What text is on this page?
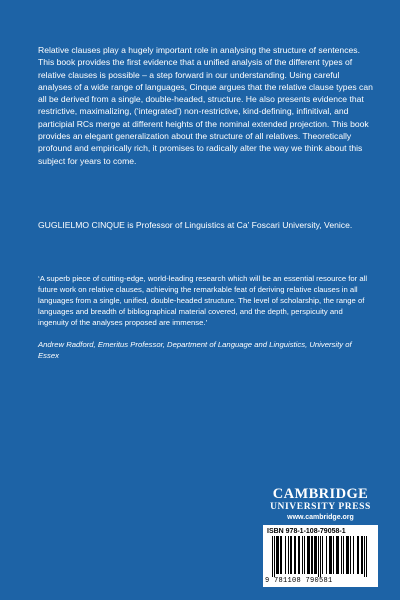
Relative clauses play a hugely important role in analysing the structure of sentences. This book provides the first evidence that a unified analysis of the different types of relative clauses is possible – a step forward in our understanding. Using careful analyses of a wide range of languages, Cinque argues that the relative clause types can all be derived from a single, double-headed, structure. He also presents evidence that restrictive, maximalizing, (‘integrated’) non-restrictive, kind-defining, infinitival, and participial RCs merge at different heights of the nominal extended projection. This book provides an elegant generalization about the structure of all relatives. Theoretically profound and empirically rich, it promises to radically alter the way we think about this subject for years to come.

GUGLIELMO CINQUE is Professor of Linguistics at Ca’ Foscari University, Venice.

‘A superb piece of cutting-edge, world-leading research which will be an essential resource for all future work on relative clauses, achieving the remarkable feat of deriving relative clauses in all languages from a single, unified, double-headed structure. The level of scholarship, the range of languages and breadth of bibliographical material covered, and the depth, perspicuity and ingenuity of the analyses proposed are immense.’

Andrew Radford, Emeritus Professor, Department of Language and Linguistics, University of Essex

CAMBRIDGE

UNIVERSITY PRESS

www.cambridge.org

ISBN 978-1-108-79058-1
9 781108 790581
